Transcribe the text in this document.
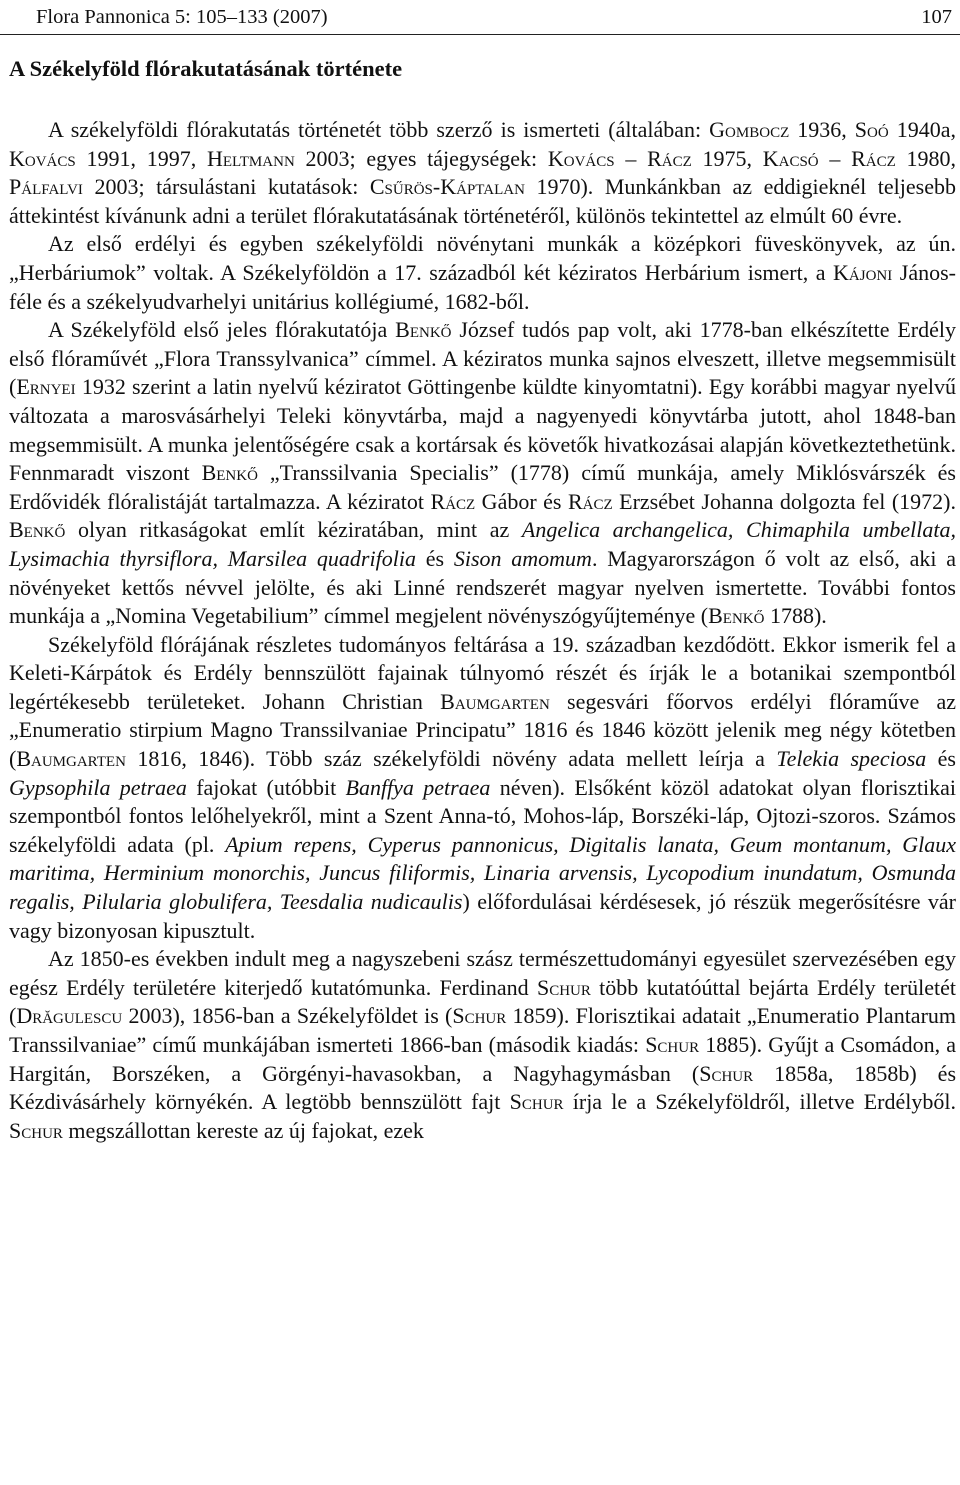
Flora Pannonica 5: 105–133 (2007)	107
A Székelyföld flórakutatásának története

A székelyföldi flórakutatás történetét több szerző is ismerteti (általában: Gombocz 1936, Soó 1940a, Kovács 1991, 1997, Heltmann 2003; egyes tájegységek: Kovács – Rácz 1975, Kacsó – Rácz 1980, Pálfalvi 2003; társulástani kutatások: Csűrös-Káptalan 1970). Munkánkban az eddigieknél teljesebb áttekintést kívánunk adni a terület flórakutatásának történetéről, különös tekintettel az elmúlt 60 évre.

Az első erdélyi és egyben székelyföldi növénytani munkák a középkori füveskönyvek, az ún. „Herbáriumok” voltak. A Székelyföldön a 17. századból két kéziratos Herbárium ismert, a Kájoni János-féle és a székelyudvarhelyi unitárius kollégiumé, 1682-ből.

A Székelyföld első jeles flórakutatója Benkő József tudós pap volt, aki 1778-ban elkészítette Erdély első flóraművét „Flora Transsylvanica” címmel. A kéziratos munka sajnos elveszett, illetve megsemmisült (Ernyei 1932 szerint a latin nyelvű kéziratot Göttingenbe küldte kinyomtatni). Egy korábbi magyar nyelvű változata a marosvásárhelyi Teleki könyvtárba, majd a nagyenyedi könyvtárba jutott, ahol 1848-ban megsemmisült. A munka jelentőségére csak a kortársak és követők hivatkozásai alapján következtethetünk. Fennmaradt viszont Benkő „Transsilvania Specialis” (1778) című munkája, amely Miklósvárszék és Erdővidék flóralistáját tartalmazza. A kéziratot Rácz Gábor és Rácz Erzsébet Johanna dolgozta fel (1972). Benkő olyan ritkaságokat említ kéziratában, mint az Angelica archangelica, Chimaphila umbellata, Lysimachia thyrsiflora, Marsilea quadrifolia és Sison amomum. Magyarországon ő volt az első, aki a növényeket kettős névvel jelölte, és aki Linné rendszerét magyar nyelven ismertette. További fontos munkája a „Nomina Vegetabilium” címmel megjelent növényszógyűjteménye (Benkő 1788).

Székelyföld flórájának részletes tudományos feltárása a 19. században kezdődött. Ekkor ismerik fel a Keleti-Kárpátok és Erdély bennszülött fajainak túlnyomó részét és írják le a botanikai szempontból legértékesebb területeket. Johann Christian Baumgarten segesvári főorvos erdélyi flóraműve az „Enumeratio stirpium Magno Transsilvaniae Principatu” 1816 és 1846 között jelenik meg négy kötetben (Baumgarten 1816, 1846). Több száz székelyföldi növény adata mellett leírja a Telekia speciosa és Gypsophila petraea fajokat (utóbbit Banffya petraea néven). Elsőként közöl adatokat olyan florisztikai szempontból fontos lelőhelyekről, mint a Szent Anna-tó, Mohos-láp, Borszéki-láp, Ojtozi-szoros. Számos székelyföldi adata (pl. Apium repens, Cyperus pannonicus, Digitalis lanata, Geum montanum, Glaux maritima, Herminium monorchis, Juncus filiformis, Linaria arvensis, Lycopodium inundatum, Osmunda regalis, Pilularia globulifera, Teesdalia nudicaulis) előfordulásai kérdésesek, jó részük megerősítésre vár vagy bizonyosan kipusztult.

Az 1850-es években indult meg a nagyszebeni szász természettudományi egyesület szervezésében egy egész Erdély területére kiterjedő kutatómunka. Ferdinand Schur több kutatóúttal bejárta Erdély területét (Drăgulescu 2003), 1856-ban a Székelyföldet is (Schur 1859). Florisztikai adatait „Enumeratio Plantarum Transsilvaniae” című munkájában ismerteti 1866-ban (második kiadás: Schur 1885). Gyűjt a Csomádon, a Hargitán, Borszéken, a Görgényi-havasokban, a Nagyhagymásban (Schur 1858a, 1858b) és Kézdivásárhely környékén. A legtöbb bennszülött fajt Schur írja le a Székelyföldről, illetve Erdélyből. Schur megszállottan kereste az új fajokat, ezek
